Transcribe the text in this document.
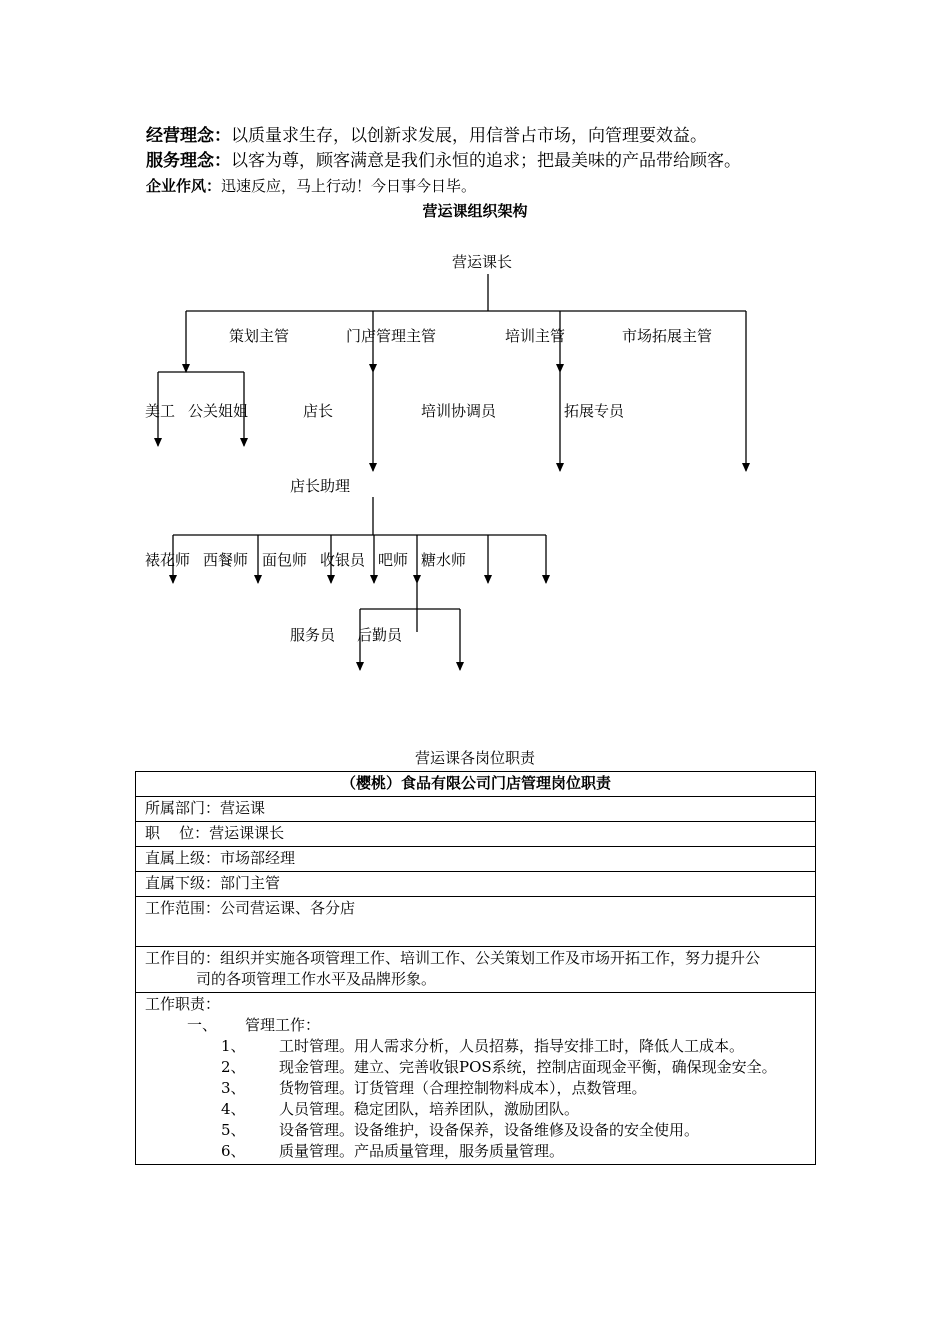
经营理念：以质量求生存，以创新求发展，用信誉占市场，向管理要效益。
服务理念：以客为尊，顾客满意是我们永恒的追求；把最美味的产品带给顾客。
企业作风：迅速反应，马上行动！今日事今日毕。
营运课组织架构
营运课长
策划主管	门店管理主管	培训主管	市场拓展主管
美工 公关姐姐	店长	培训协调员	拓展专员
店长助理
裱花师 西餐师 面包师 收银员 吧师 糖水师
服务员 后勤员
营运课各岗位职责
（樱桃）食品有限公司门店管理岗位职责
所属部门：营运课
职    位：营运课课长
直属上级：市场部经理
直属下级：部门主管
工作范围：公司营运课、各分店

工作目的：组织并实施各项管理工作、培训工作、公关策划工作及市场开拓工作，努力提升公
司的各项管理工作水平及品牌形象。

工作职责：
一、 管理工作：
1、 工时管理。用人需求分析，人员招募，指导安排工时，降低人工成本。
2、 现金管理。建立、完善收银POS系统，控制店面现金平衡，确保现金安全。
3、 货物管理。订货管理（合理控制物料成本），点数管理。
4、 人员管理。稳定团队，培养团队，激励团队。
5、 设备管理。设备维护，设备保养，设备维修及设备的安全使用。
6、 质量管理。产品质量管理，服务质量管理。
